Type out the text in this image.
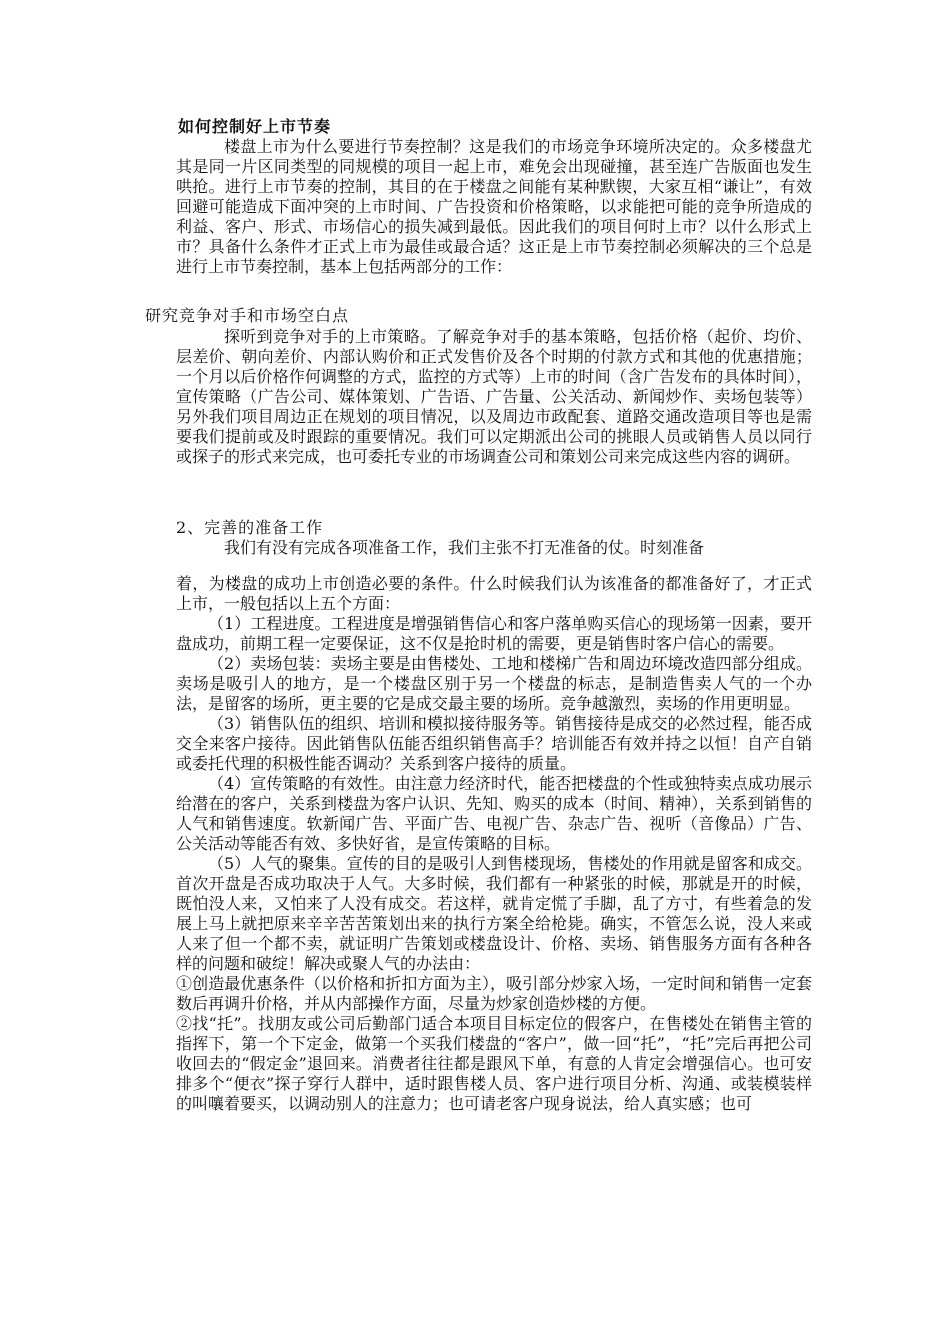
如何控制好上市节奏

楼盘上市为什么要进行节奏控制？这是我们的市场竞争环境所决定的。众多楼盘尤其是同一片区同类型的同规模的项目一起上市，难免会出现碰撞，甚至连广告版面也发生哄抢。进行上市节奏的控制，其目的在于楼盘之间能有某种默锲，大家互相“谦让”，有效回避可能造成下面冲突的上市时间、广告投资和价格策略，以求能把可能的竞争所造成的利益、客户、形式、市场信心的损失减到最低。因此我们的项目何时上市？以什么形式上市？具备什么条件才正式上市为最佳或最合适？这正是上市节奏控制必须解决的三个总是进行上市节奏控制，基本上包括两部分的工作：

研究竞争对手和市场空白点

探听到竞争对手的上市策略。了解竞争对手的基本策略，包括价格（起价、均价、层差价、朝向差价、内部认购价和正式发售价及各个时期的付款方式和其他的优惠措施；一个月以后价格作何调整的方式，监控的方式等）上市的时间（含广告发布的具体时间），宣传策略（广告公司、媒体策划、广告语、广告量、公关活动、新闻炒作、卖场包装等）另外我们项目周边正在规划的项目情况，以及周边市政配套、道路交通改造项目等也是需要我们提前或及时跟踪的重要情况。我们可以定期派出公司的挑眼人员或销售人员以同行或探子的形式来完成，也可委托专业的市场调查公司和策划公司来完成这些内容的调研。

2、完善的准备工作

我们有没有完成各项准备工作，我们主张不打无准备的仗。时刻准备

着，为楼盘的成功上市创造必要的条件。什么时候我们认为该准备的都准备好了，才正式上市，一般包括以上五个方面：

（1）工程进度。工程进度是增强销售信心和客户落单购买信心的现场第一因素，要开盘成功，前期工程一定要保证，这不仅是抢时机的需要，更是销售时客户信心的需要。

（2）卖场包装：卖场主要是由售楼处、工地和楼梯广告和周边环境改造四部分组成。卖场是吸引人的地方，是一个楼盘区别于另一个楼盘的标志，是制造售卖人气的一个办法，是留客的场所，更主要的它是成交最主要的场所。竞争越激烈，卖场的作用更明显。

（3）销售队伍的组织、培训和模拟接待服务等。销售接待是成交的必然过程，能否成交全来客户接待。因此销售队伍能否组织销售高手？培训能否有效并持之以恒！自产自销或委托代理的积极性能否调动？关系到客户接待的质量。

（4）宣传策略的有效性。由注意力经济时代，能否把楼盘的个性或独特卖点成功展示给潜在的客户，关系到楼盘为客户认识、先知、购买的成本（时间、精神），关系到销售的人气和销售速度。软新闻广告、平面广告、电视广告、杂志广告、视听（音像品）广告、公关活动等能否有效、多快好省，是宣传策略的目标。

（5）人气的聚集。宣传的目的是吸引人到售楼现场，售楼处的作用就是留客和成交。首次开盘是否成功取决于人气。大多时候，我们都有一种紧张的时候，那就是开的时候，既怕没人来，又怕来了人没有成交。若这样，就肯定慌了手脚，乱了方寸，有些着急的发展上马上就把原来辛辛苦苦策划出来的执行方案全给枪毙。确实，不管怎么说，没人来或人来了但一个都不卖，就证明广告策划或楼盘设计、价格、卖场、销售服务方面有各种各样的问题和破绽！解决或聚人气的办法由：

①创造最优惠条件（以价格和折扣方面为主），吸引部分炒家入场，一定时间和销售一定套数后再调升价格，并从内部操作方面，尽量为炒家创造炒楼的方便。

②找“托”。找朋友或公司后勤部门适合本项目目标定位的假客户，在售楼处在销售主管的指挥下，第一个下定金，做第一个买我们楼盘的“客户”，做一回“托”，“托”完后再把公司收回去的“假定金”退回来。消费者往往都是跟风下单，有意的人肯定会增强信心。也可安排多个“便衣”探子穿行人群中，适时跟售楼人员、客户进行项目分析、沟通、或装模装样的叫嚷着要买，以调动别人的注意力；也可请老客户现身说法，给人真实感；也可
